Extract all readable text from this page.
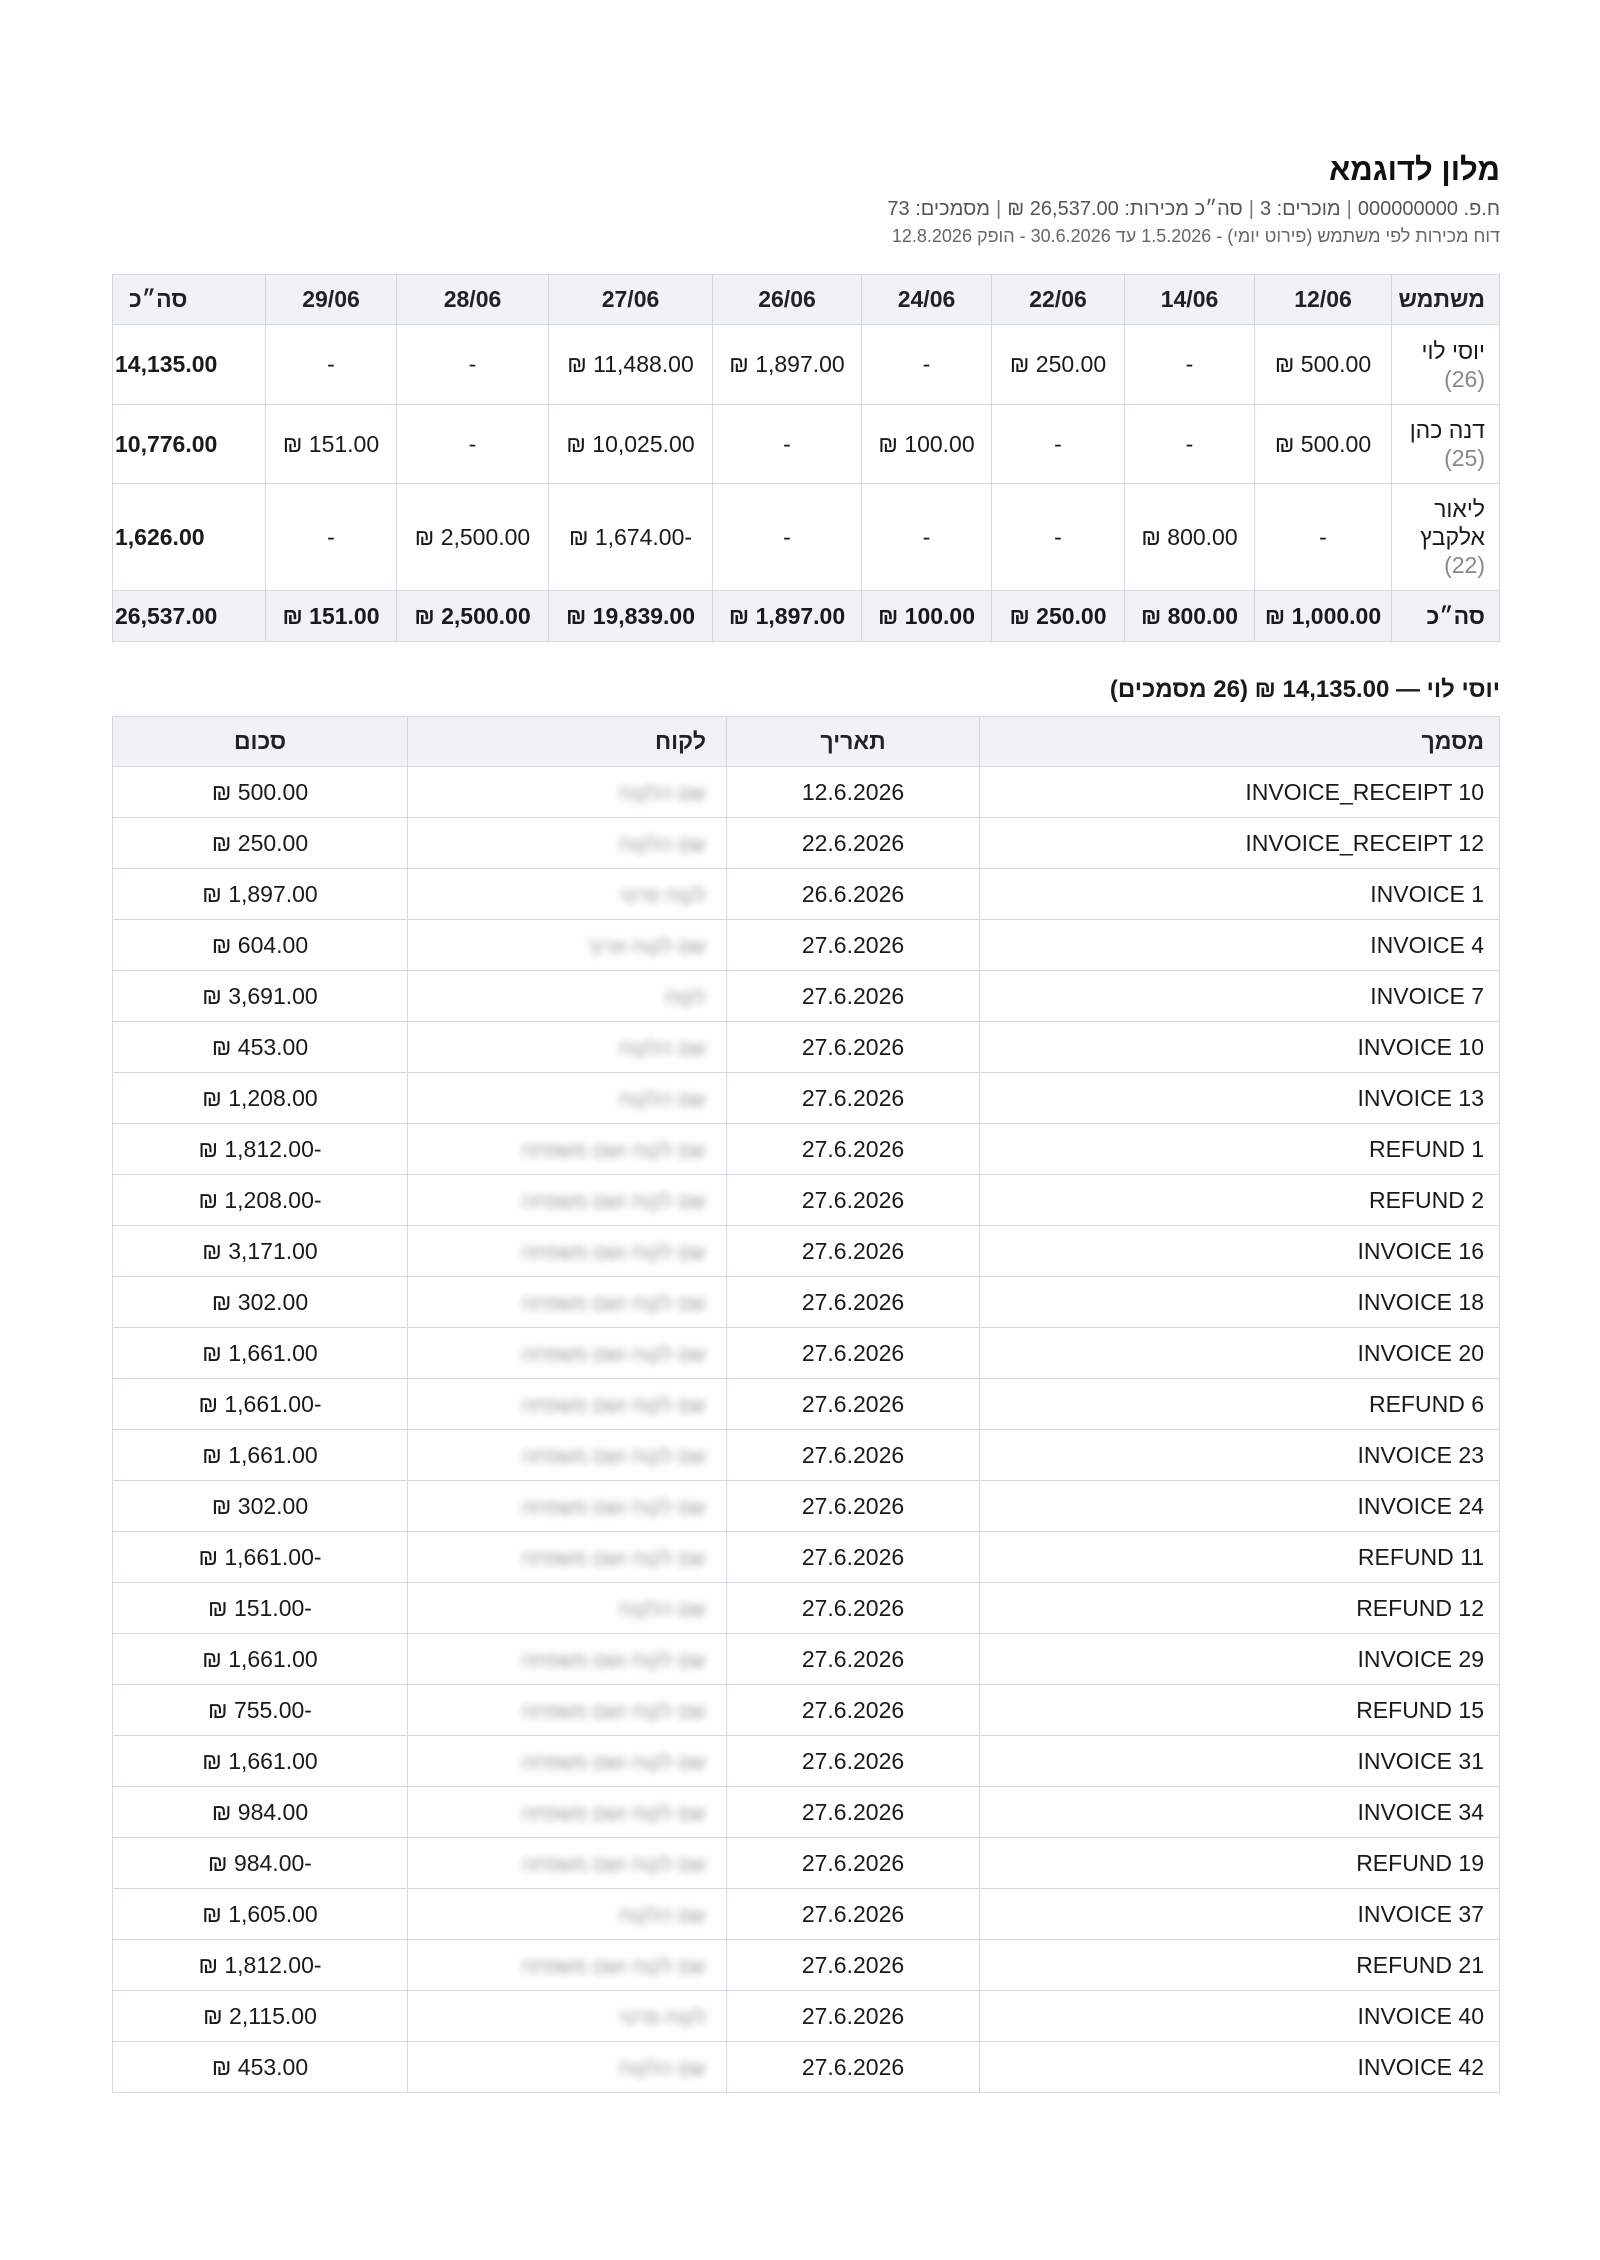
מלון לדוגמא
ח.פ. 000000000|מוכרים: 3|סה״כ מכירות: 26,537.00 ₪|מסמכים: 73
דוח מכירות לפי משתמש (פירוט יומי) - 1.5.2026 עד 30.6.2026 - הופק 12.8.2026
משתמש	12/06	14/06	22/06	24/06	26/06	27/06	28/06	29/06	סה״כ
יוסי לוי (26)	500.00 ₪	-	250.00 ₪	-	1,897.00 ₪	11,488.00 ₪	-	-	14,135.00
דנה כהן (25)	500.00 ₪	-	-	100.00 ₪	-	10,025.00 ₪	-	151.00 ₪	10,776.00
ליאור אלקבץ (22)	-	800.00 ₪	-	-	-	-1,674.00 ₪	2,500.00 ₪	-	1,626.00
סה״כ	1,000.00 ₪	800.00 ₪	250.00 ₪	100.00 ₪	1,897.00 ₪	19,839.00 ₪	2,500.00 ₪	151.00 ₪	26,537.00
יוסי לוי — 14,135.00 ₪ (26 מסמכים)
מסמך	תאריך	לקוח	סכום
INVOICE_RECEIPT 10	12.6.2026	שם הלקוח	500.00 ₪
INVOICE_RECEIPT 12	22.6.2026	שם הלקוח	250.00 ₪
INVOICE 1	26.6.2026	לקוח פרטי	1,897.00 ₪
INVOICE 4	27.6.2026	שם לקוח ארוך	604.00 ₪
INVOICE 7	27.6.2026	לקוח	3,691.00 ₪
INVOICE 10	27.6.2026	שם הלקוח	453.00 ₪
INVOICE 13	27.6.2026	שם הלקוח	1,208.00 ₪
REFUND 1	27.6.2026	שם לקוח ושם משפחה	-1,812.00 ₪
REFUND 2	27.6.2026	שם לקוח ושם משפחה	-1,208.00 ₪
INVOICE 16	27.6.2026	שם לקוח ושם משפחה	3,171.00 ₪
INVOICE 18	27.6.2026	שם לקוח ושם משפחה	302.00 ₪
INVOICE 20	27.6.2026	שם לקוח ושם משפחה	1,661.00 ₪
REFUND 6	27.6.2026	שם לקוח ושם משפחה	-1,661.00 ₪
INVOICE 23	27.6.2026	שם לקוח ושם משפחה	1,661.00 ₪
INVOICE 24	27.6.2026	שם לקוח ושם משפחה	302.00 ₪
REFUND 11	27.6.2026	שם לקוח ושם משפחה	-1,661.00 ₪
REFUND 12	27.6.2026	שם הלקוח	-151.00 ₪
INVOICE 29	27.6.2026	שם לקוח ושם משפחה	1,661.00 ₪
REFUND 15	27.6.2026	שם לקוח ושם משפחה	-755.00 ₪
INVOICE 31	27.6.2026	שם לקוח ושם משפחה	1,661.00 ₪
INVOICE 34	27.6.2026	שם לקוח ושם משפחה	984.00 ₪
REFUND 19	27.6.2026	שם לקוח ושם משפחה	-984.00 ₪
INVOICE 37	27.6.2026	שם הלקוח	1,605.00 ₪
REFUND 21	27.6.2026	שם לקוח ושם משפחה	-1,812.00 ₪
INVOICE 40	27.6.2026	לקוח פרטי	2,115.00 ₪
INVOICE 42	27.6.2026	שם הלקוח	453.00 ₪
